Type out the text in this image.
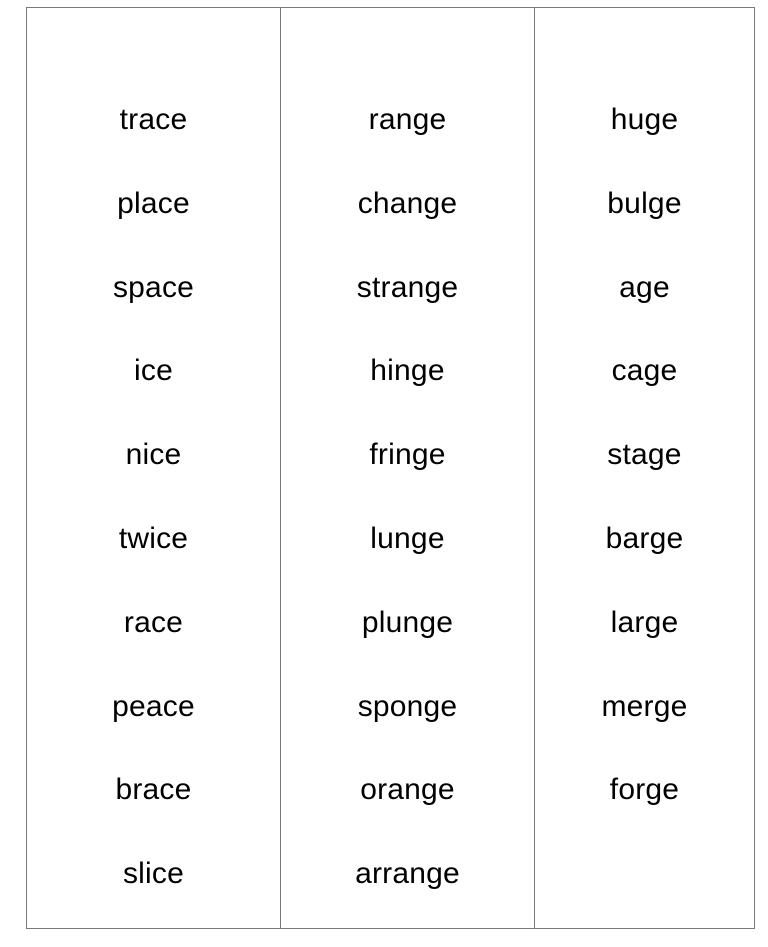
trace
place
space
ice
nice
twice
race
peace
brace
slice
range
change
strange
hinge
fringe
lunge
plunge
sponge
orange
arrange
huge
bulge
age
cage
stage
barge
large
merge
forge
